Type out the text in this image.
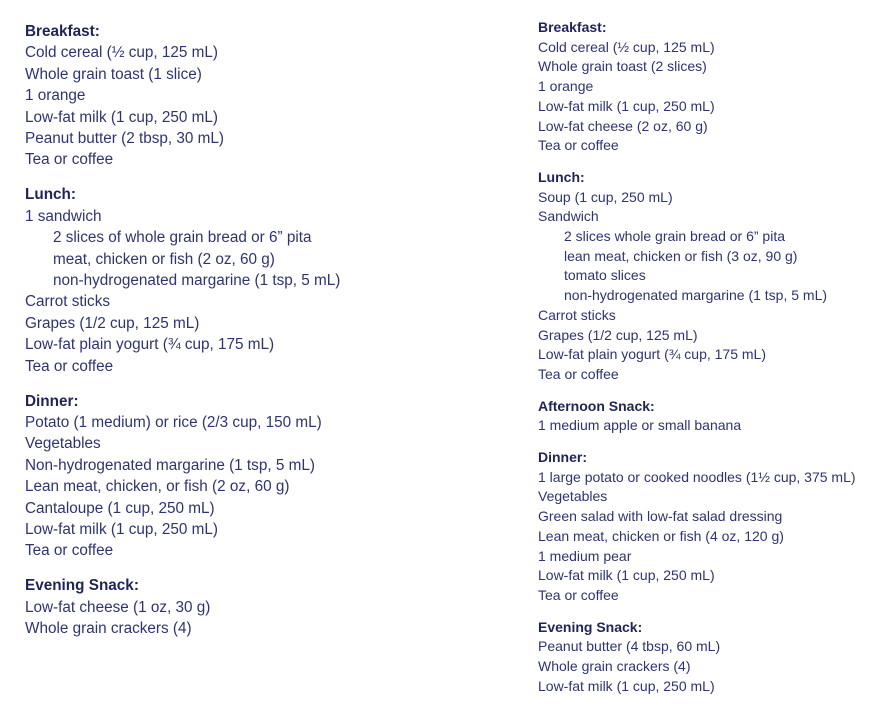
Breakfast:
Cold cereal (½ cup, 125 mL)
Whole grain toast (1 slice)
1 orange
Low-fat milk (1 cup, 250 mL)
Peanut butter (2 tbsp, 30 mL)
Tea or coffee
Lunch:
1 sandwich
2 slices of whole grain bread or 6” pita
meat, chicken or fish (2 oz, 60 g)
non-hydrogenated margarine (1 tsp, 5 mL)
Carrot sticks
Grapes (1/2 cup, 125 mL)
Low-fat plain yogurt (¾ cup, 175 mL)
Tea or coffee
Dinner:
Potato (1 medium) or rice (2/3 cup, 150 mL)
Vegetables
Non-hydrogenated margarine (1 tsp, 5 mL)
Lean meat, chicken, or fish (2 oz, 60 g)
Cantaloupe (1 cup, 250 mL)
Low-fat milk (1 cup, 250 mL)
Tea or coffee
Evening Snack:
Low-fat cheese (1 oz, 30 g)
Whole grain crackers (4)
Breakfast:
Cold cereal (½ cup, 125 mL)
Whole grain toast (2 slices)
1 orange
Low-fat milk (1 cup, 250 mL)
Low-fat cheese (2 oz, 60 g)
Tea or coffee
Lunch:
Soup (1 cup, 250 mL)
Sandwich
2 slices whole grain bread or 6” pita
lean meat, chicken or fish (3 oz, 90 g)
tomato slices
non-hydrogenated margarine (1 tsp, 5 mL)
Carrot sticks
Grapes (1/2 cup, 125 mL)
Low-fat plain yogurt (¾ cup, 175 mL)
Tea or coffee
Afternoon Snack:
1 medium apple or small banana
Dinner:
1 large potato or cooked noodles (1½ cup, 375 mL)
Vegetables
Green salad with low-fat salad dressing
Lean meat, chicken or fish (4 oz, 120 g)
1 medium pear
Low-fat milk (1 cup, 250 mL)
Tea or coffee
Evening Snack:
Peanut butter (4 tbsp, 60 mL)
Whole grain crackers (4)
Low-fat milk (1 cup, 250 mL)
